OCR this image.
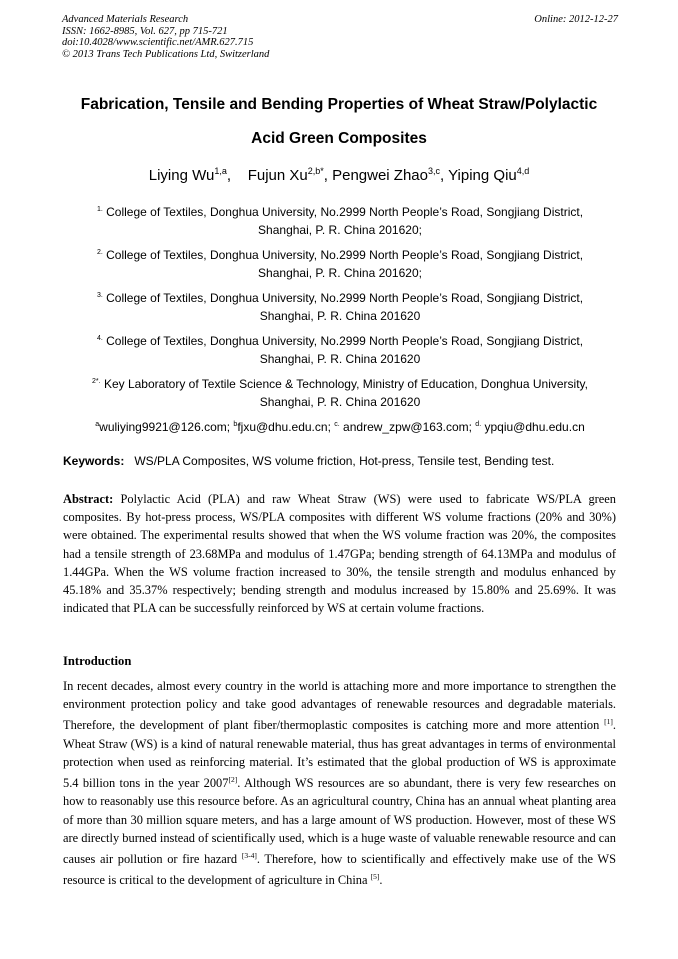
Advanced Materials Research
ISSN: 1662-8985, Vol. 627, pp 715-721
doi:10.4028/www.scientific.net/AMR.627.715
© 2013 Trans Tech Publications Ltd, Switzerland
Online: 2012-12-27
Fabrication, Tensile and Bending Properties of Wheat Straw/Polylactic
Acid Green Composites
Liying Wu$^{1,a}$,    Fujun $Xu^{2,b*}$, Pengwei Zhao$^{3,c}$, Yiping Qiu$^{4,d}$
$^{1.}$ College of Textiles, Donghua University, No.2999 North People’s Road, Songjiang District,
Shanghai, P. R. China 201620;
$^{2.}$ College of Textiles, Donghua University, No.2999 North People’s Road, Songjiang District,
Shanghai, P. R. China 201620;
$^{3.}$ College of Textiles, Donghua University, No.2999 North People’s Road, Songjiang District,
Shanghai, P. R. China 201620
$^{4.}$ College of Textiles, Donghua University, No.2999 North People’s Road, Songjiang District,
Shanghai, P. R. China 201620
$^{2*.}$ Key Laboratory of Textile Science & Technology, Ministry of Education, Donghua University,
Shanghai, P. R. China 201620
$^a$wuliying9921@126.com; $^b$fjxu@dhu.edu.cn; $^{c.}$ andrew_zpw@163.com; $^{d.}$ ypqiu@dhu.edu.cn
Keywords: WS/PLA Composites, WS volume friction, Hot-press, Tensile test, Bending test.
Abstract: Polylactic Acid (PLA) and raw Wheat Straw (WS) were used to fabricate WS/PLA green composites. By hot-press process, WS/PLA composites with different WS volume fractions (20% and 30%) were obtained. The experimental results showed that when the WS volume fraction was 20%, the composites had a tensile strength of 23.68MPa and modulus of 1.47GPa; bending strength of 64.13MPa and modulus of 1.44GPa. When the WS volume fraction increased to 30%, the tensile strength and modulus enhanced by 45.18% and 35.37% respectively; bending strength and modulus increased by 15.80% and 25.69%. It was indicated that PLA can be successfully reinforced by WS at certain volume fractions.
Introduction
In recent decades, almost every country in the world is attaching more and more importance to strengthen the environment protection policy and take good advantages of renewable resources and degradable materials. Therefore, the development of plant fiber/thermoplastic composites is catching more and more attention [1]. Wheat Straw (WS) is a kind of natural renewable material, thus has great advantages in terms of environmental protection when used as reinforcing material. It’s estimated that the global production of WS is approximate 5.4 billion tons in the year 2007[2]. Although WS resources are so abundant, there is very few researches on how to reasonably use this resource before. As an agricultural country, China has an annual wheat planting area of more than 30 million square meters, and has a large amount of WS production. However, most of these WS are directly burned instead of scientifically used, which is a huge waste of valuable renewable resource and can causes air pollution or fire hazard [3-4]. Therefore, how to scientifically and effectively make use of the WS resource is critical to the development of agriculture in China [5].
